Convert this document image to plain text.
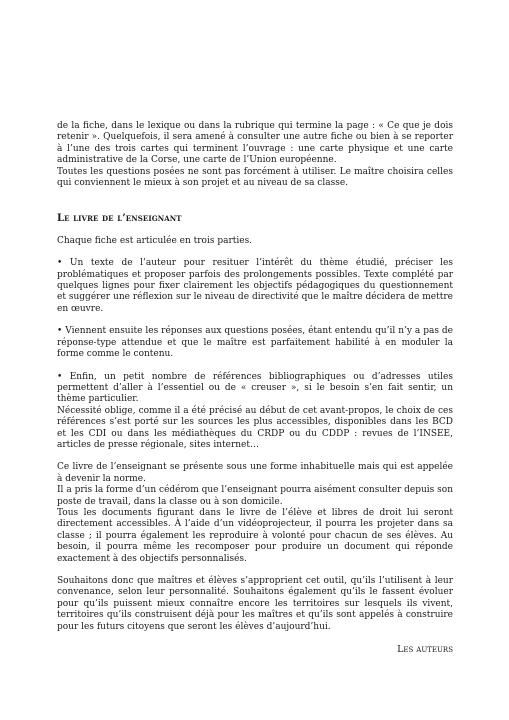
de la fiche, dans le lexique ou dans la rubrique qui termine la page : « Ce que je dois retenir ». Quelquefois, il sera amené à consulter une autre fiche ou bien à se reporter à l’une des trois cartes qui terminent l’ouvrage : une carte physique et une carte administrative de la Corse, une carte de l’Union européenne.

Toutes les questions posées ne sont pas forcément à utiliser. Le maître choisira celles qui conviennent le mieux à son projet et au niveau de sa classe.

Le livre de l’enseignant

Chaque fiche est articulée en trois parties.

• Un texte de l’auteur pour resituer l’intérêt du thème étudié, préciser les problématiques et proposer parfois des prolongements possibles. Texte complété par quelques lignes pour fixer clairement les objectifs pédagogiques du questionnement et suggérer une réflexion sur le niveau de directivité que le maître décidera de mettre en œuvre.

• Viennent ensuite les réponses aux questions posées, étant entendu qu’il n’y a pas de réponse-type attendue et que le maître est parfaitement habilité à en moduler la forme comme le contenu.

• Enfin, un petit nombre de références bibliographiques ou d’adresses utiles permettent d’aller à l’essentiel ou de « creuser », si le besoin s’en fait sentir, un thème particulier.

Nécessité oblige, comme il a été précisé au début de cet avant-propos, le choix de ces références s’est porté sur les sources les plus accessibles, disponibles dans les BCD et les CDI ou dans les médiathèques du CRDP ou du CDDP : revues de l’INSEE, articles de presse régionale, sites internet…

Ce livre de l’enseignant se présente sous une forme inhabituelle mais qui est appelée à devenir la norme.

Il a pris la forme d’un cédérom que l’enseignant pourra aisément consulter depuis son poste de travail, dans la classe ou à son domicile.

Tous les documents figurant dans le livre de l’élève et libres de droit lui seront directement accessibles. À l’aide d’un vidéoprojecteur, il pourra les projeter dans sa classe ; il pourra également les reproduire à volonté pour chacun de ses élèves. Au besoin, il pourra même les recomposer pour produire un document qui réponde exactement à des objectifs personnalisés.

Souhaitons donc que maîtres et élèves s’approprient cet outil, qu’ils l’utilisent à leur convenance, selon leur personnalité. Souhaitons également qu’ils le fassent évoluer pour qu’ils puissent mieux connaître encore les territoires sur lesquels ils vivent, territoires qu’ils construisent déjà pour les maîtres et qu’ils sont appelés à construire pour les futurs citoyens que seront les élèves d’aujourd’hui.

Les auteurs
